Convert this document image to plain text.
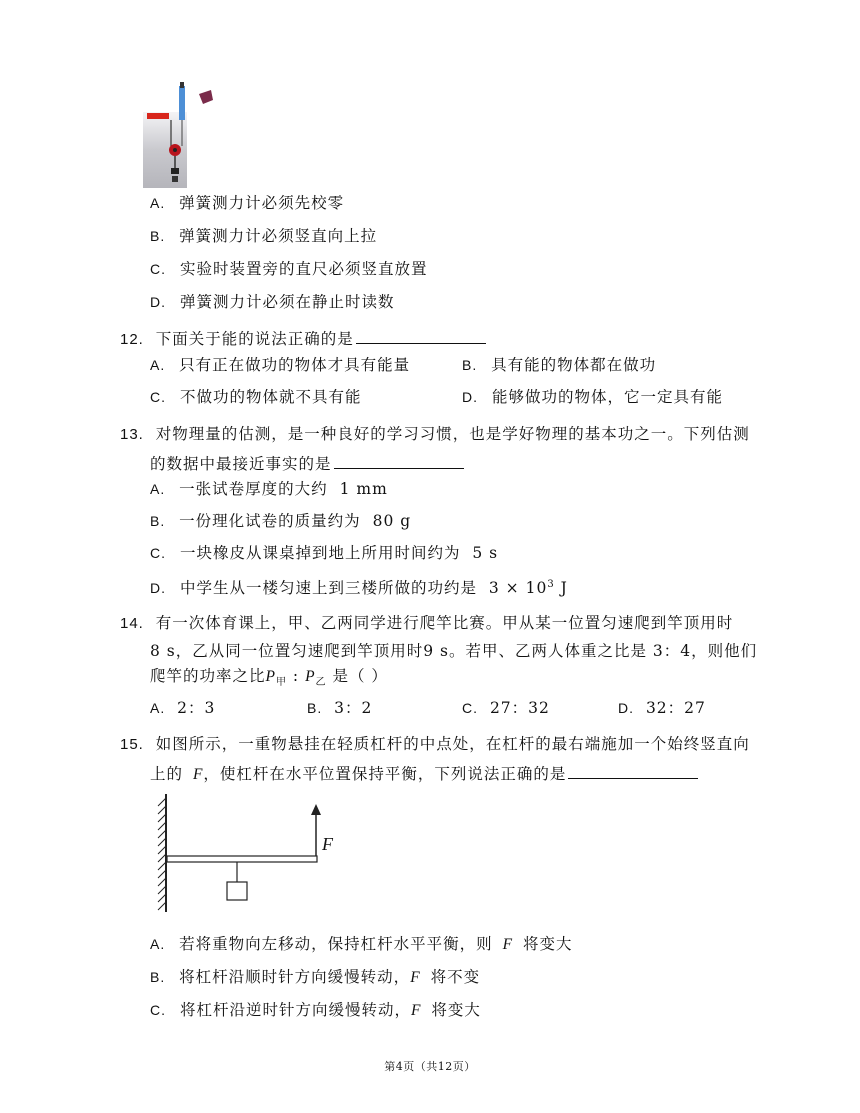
A. 弹簧测力计必须先校零
B. 弹簧测力计必须竖直向上拉
C. 实验时装置旁的直尺必须竖直放置
D. 弹簧测力计必须在静止时读数
12. 下面关于能的说法正确的是
A. 只有正在做功的物体才具有能量	B. 具有能的物体都在做功
C. 不做功的物体就不具有能	D. 能够做功的物体，它一定具有能
13. 对物理量的估测，是一种良好的学习习惯，也是学好物理的基本功之一。下列估测
的数据中最接近事实的是
A. 一张试卷厚度的大约 1 mm
B. 一份理化试卷的质量约为 80 g
C. 一块橡皮从课桌掉到地上所用时间约为 5 s
D. 中学生从一楼匀速上到三楼所做的功约是 $3 \times 10^3$ J
14. 有一次体育课上，甲、乙两同学进行爬竿比赛。甲从某一位置匀速爬到竿顶用时
8 s，乙从同一位置匀速爬到竿顶用时9 s。若甲、乙两人体重之比是 3：4，则他们
爬竿的功率之比$P_甲$ : $P_乙$ 是（ ）
A. 2：3	B. 3：2	C. 27：32	D. 32：27
15. 如图所示，一重物悬挂在轻质杠杆的中点处，在杠杆的最右端施加一个始终竖直向
上的 F，使杠杆在水平位置保持平衡，下列说法正确的是
F
A. 若将重物向左移动，保持杠杆水平平衡，则 F 将变大
B. 将杠杆沿顺时针方向缓慢转动，F 将不变
C. 将杠杆沿逆时针方向缓慢转动，F 将变大
第4页（共12页）
